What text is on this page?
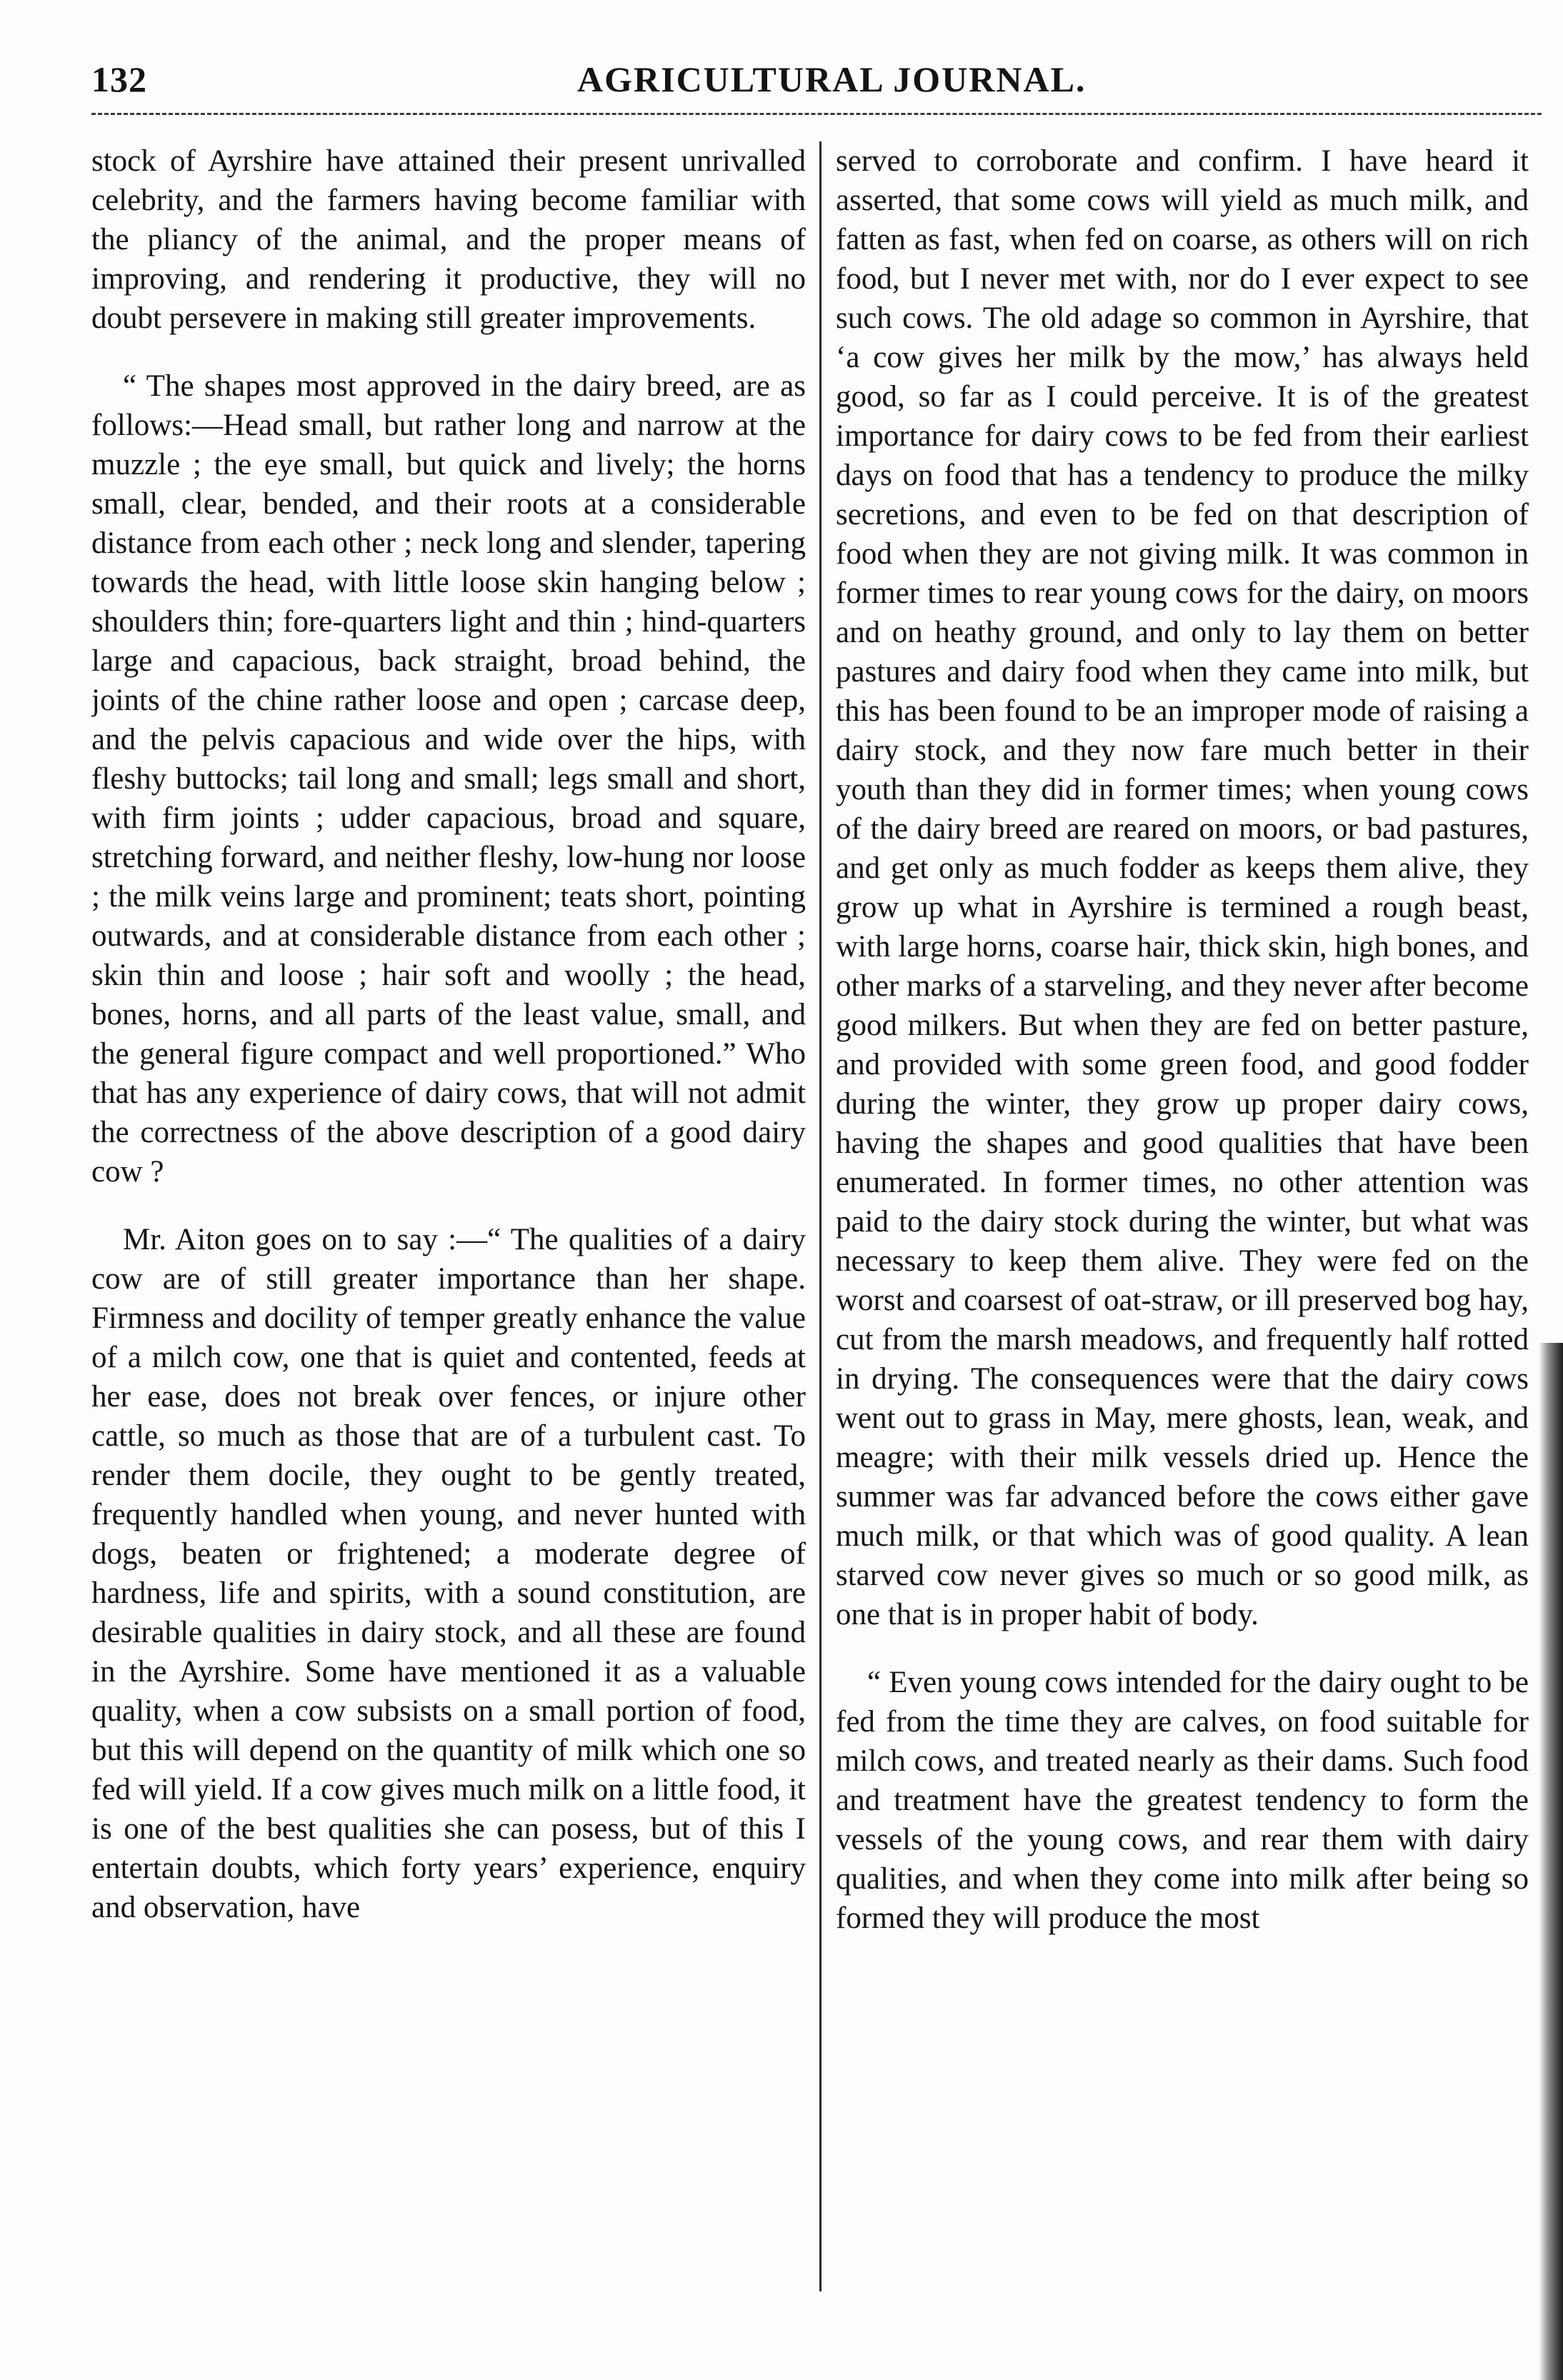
132	AGRICULTURAL JOURNAL.

stock of Ayrshire have attained their present unrivalled celebrity, and the farmers having become familiar with the pliancy of the animal, and the proper means of improving, and rendering it productive, they will no doubt persevere in making still greater improvements.

“ The shapes most approved in the dairy breed, are as follows:—Head small, but rather long and narrow at the muzzle ; the eye small, but quick and lively; the horns small, clear, bended, and their roots at a considerable distance from each other ; neck long and slender, tapering towards the head, with little loose skin hanging below ; shoulders thin; fore-quarters light and thin ; hind-quarters large and capacious, back straight, broad behind, the joints of the chine rather loose and open ; carcase deep, and the pelvis capacious and wide over the hips, with fleshy buttocks; tail long and small; legs small and short, with firm joints ; udder capacious, broad and square, stretching forward, and neither fleshy, low-hung nor loose ; the milk veins large and prominent; teats short, pointing outwards, and at considerable distance from each other ; skin thin and loose ; hair soft and woolly ; the head, bones, horns, and all parts of the least value, small, and the general figure compact and well proportioned.” Who that has any experience of dairy cows, that will not admit the correctness of the above description of a good dairy cow ?

Mr. Aiton goes on to say :—“ The qualities of a dairy cow are of still greater importance than her shape. Firmness and docility of temper greatly enhance the value of a milch cow, one that is quiet and contented, feeds at her ease, does not break over fences, or injure other cattle, so much as those that are of a turbulent cast. To render them docile, they ought to be gently treated, frequently handled when young, and never hunted with dogs, beaten or frightened; a moderate degree of hardness, life and spirits, with a sound constitution, are desirable qualities in dairy stock, and all these are found in the Ayrshire. Some have mentioned it as a valuable quality, when a cow subsists on a small portion of food, but this will depend on the quantity of milk which one so fed will yield. If a cow gives much milk on a little food, it is one of the best qualities she can posess, but of this I entertain doubts, which forty years’ experience, enquiry and observation, have

served to corroborate and confirm. I have heard it asserted, that some cows will yield as much milk, and fatten as fast, when fed on coarse, as others will on rich food, but I never met with, nor do I ever expect to see such cows. The old adage so common in Ayrshire, that ‘a cow gives her milk by the mow,’ has always held good, so far as I could perceive. It is of the greatest importance for dairy cows to be fed from their earliest days on food that has a tendency to produce the milky secretions, and even to be fed on that description of food when they are not giving milk. It was common in former times to rear young cows for the dairy, on moors and on heathy ground, and only to lay them on better pastures and dairy food when they came into milk, but this has been found to be an improper mode of raising a dairy stock, and they now fare much better in their youth than they did in former times; when young cows of the dairy breed are reared on moors, or bad pastures, and get only as much fodder as keeps them alive, they grow up what in Ayrshire is termined a rough beast, with large horns, coarse hair, thick skin, high bones, and other marks of a starveling, and they never after become good milkers. But when they are fed on better pasture, and provided with some green food, and good fodder during the winter, they grow up proper dairy cows, having the shapes and good qualities that have been enumerated. In former times, no other attention was paid to the dairy stock during the winter, but what was necessary to keep them alive. They were fed on the worst and coarsest of oat-straw, or ill preserved bog hay, cut from the marsh meadows, and frequently half rotted in drying. The consequences were that the dairy cows went out to grass in May, mere ghosts, lean, weak, and meagre; with their milk vessels dried up. Hence the summer was far advanced before the cows either gave much milk, or that which was of good quality. A lean starved cow never gives so much or so good milk, as one that is in proper habit of body.

“ Even young cows intended for the dairy ought to be fed from the time they are calves, on food suitable for milch cows, and treated nearly as their dams. Such food and treatment have the greatest tendency to form the vessels of the young cows, and rear them with dairy qualities, and when they come into milk after being so formed they will produce the most
